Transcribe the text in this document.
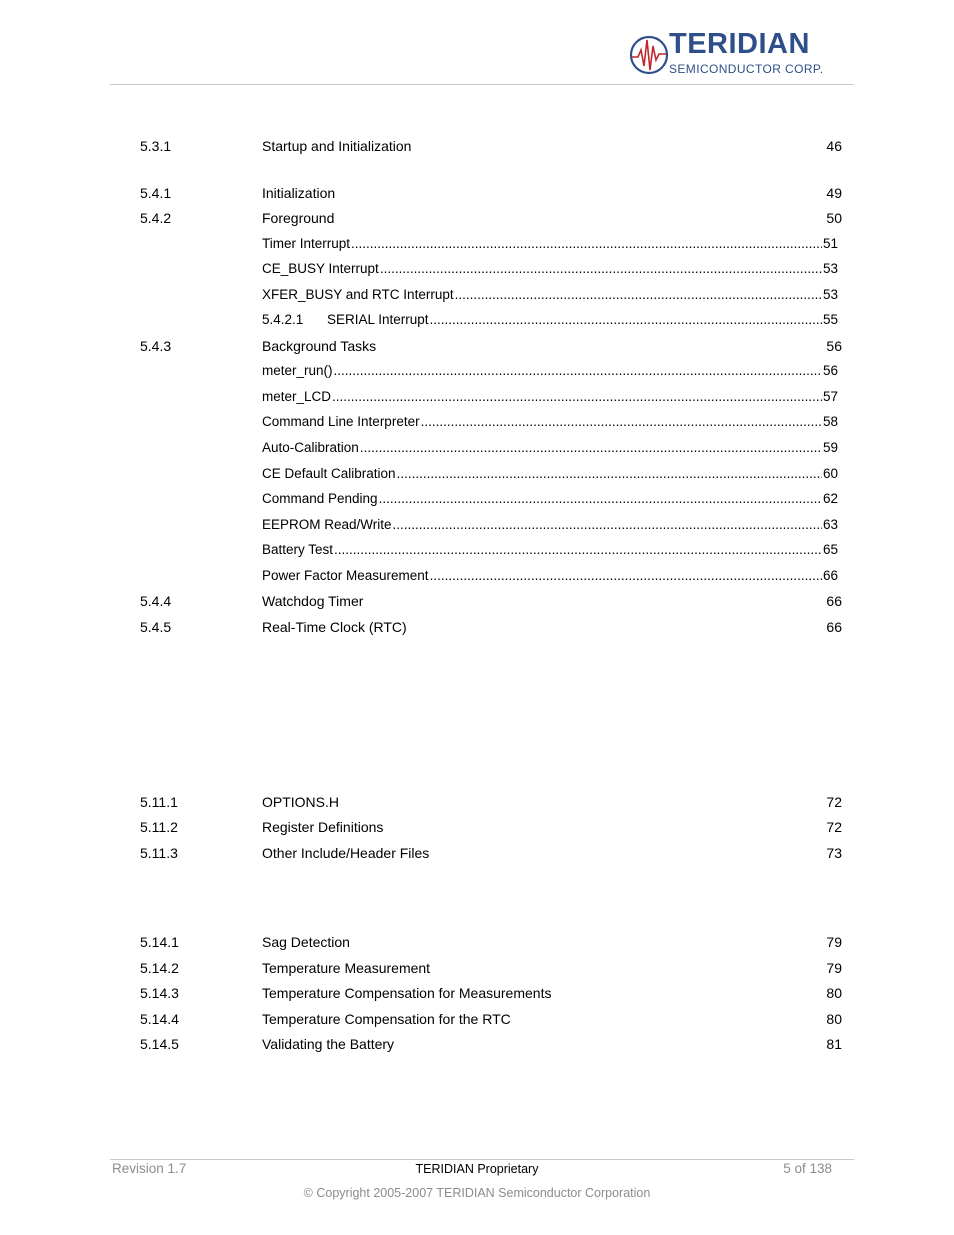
TERIDIAN
SEMICONDUCTOR CORP.
5.3.1	Startup and Initialization	46
5.4.1	Initialization	49
5.4.2	Foreground	50
Timer Interrupt .....	51
CE_BUSY Interrupt .....	53
XFER_BUSY and RTC Interrupt .....	53
5.4.2.1	SERIAL Interrupt .....	55
5.4.3	Background Tasks	56
meter_run() .....	56
meter_LCD .....	57
Command Line Interpreter .....	58
Auto-Calibration .....	59
CE Default Calibration .....	60
Command Pending .....	62
EEPROM Read/Write .....	63
Battery Test .....	65
Power Factor Measurement .....	66
5.4.4	Watchdog Timer	66
5.4.5	Real-Time Clock (RTC)	66
5.11.1	OPTIONS.H	72
5.11.2	Register Definitions	72
5.11.3	Other Include/Header Files	73
5.14.1	Sag Detection	79
5.14.2	Temperature Measurement	79
5.14.3	Temperature Compensation for Measurements	80
5.14.4	Temperature Compensation for the RTC	80
5.14.5	Validating the Battery	81
Revision 1.7	TERIDIAN Proprietary	5 of 138
© Copyright 2005-2007 TERIDIAN Semiconductor Corporation
